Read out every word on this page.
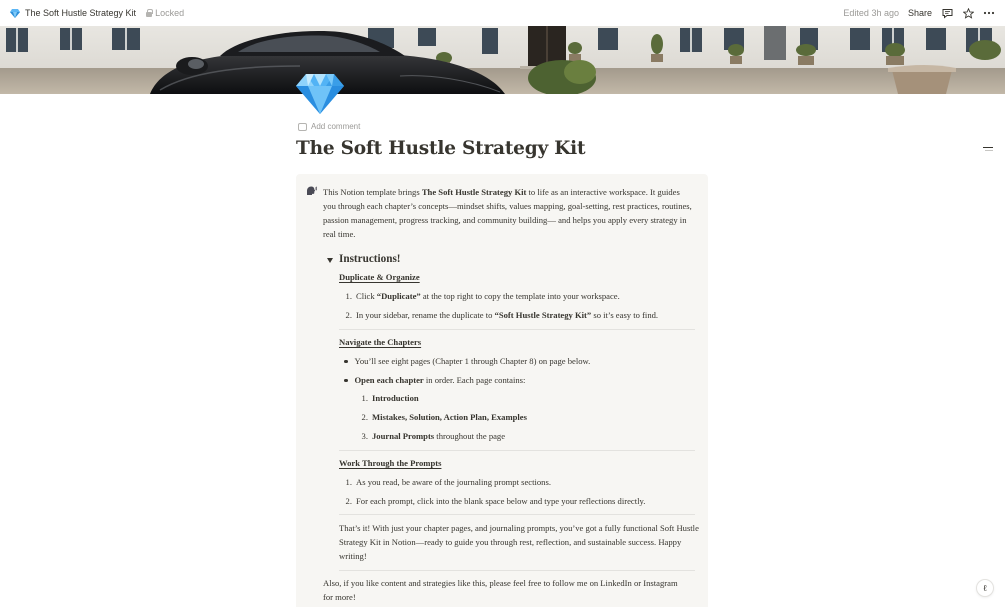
The Soft Hustle Strategy Kit Locked	Edited 3h ago Share
Add comment
The Soft Hustle Strategy Kit

This Notion template brings The Soft Hustle Strategy Kit to life as an interactive workspace. It guides you through each chapter’s concepts—mindset shifts, values mapping, goal-setting, rest practices, routines, passion management, progress tracking, and community building— and helps you apply every strategy in real time.

Instructions!
Duplicate & Organize
1. Click “Duplicate” at the top right to copy the template into your workspace.
2. In your sidebar, rename the duplicate to “Soft Hustle Strategy Kit” so it’s easy to find.
Navigate the Chapters
You’ll see eight pages (Chapter 1 through Chapter 8) on page below.
Open each chapter in order. Each page contains:
1. Introduction
2. Mistakes, Solution, Action Plan, Examples
3. Journal Prompts throughout the page
Work Through the Prompts
1. As you read, be aware of the journaling prompt sections.
2. For each prompt, click into the blank space below and type your reflections directly.

That’s it! With just your chapter pages, and journaling prompts, you’ve got a fully functional Soft Hustle Strategy Kit in Notion—ready to guide you through rest, reflection, and sustainable success. Happy writing!

Also, if you like content and strategies like this, please feel free to follow me on LinkedIn or Instagram for more!

ℓ
